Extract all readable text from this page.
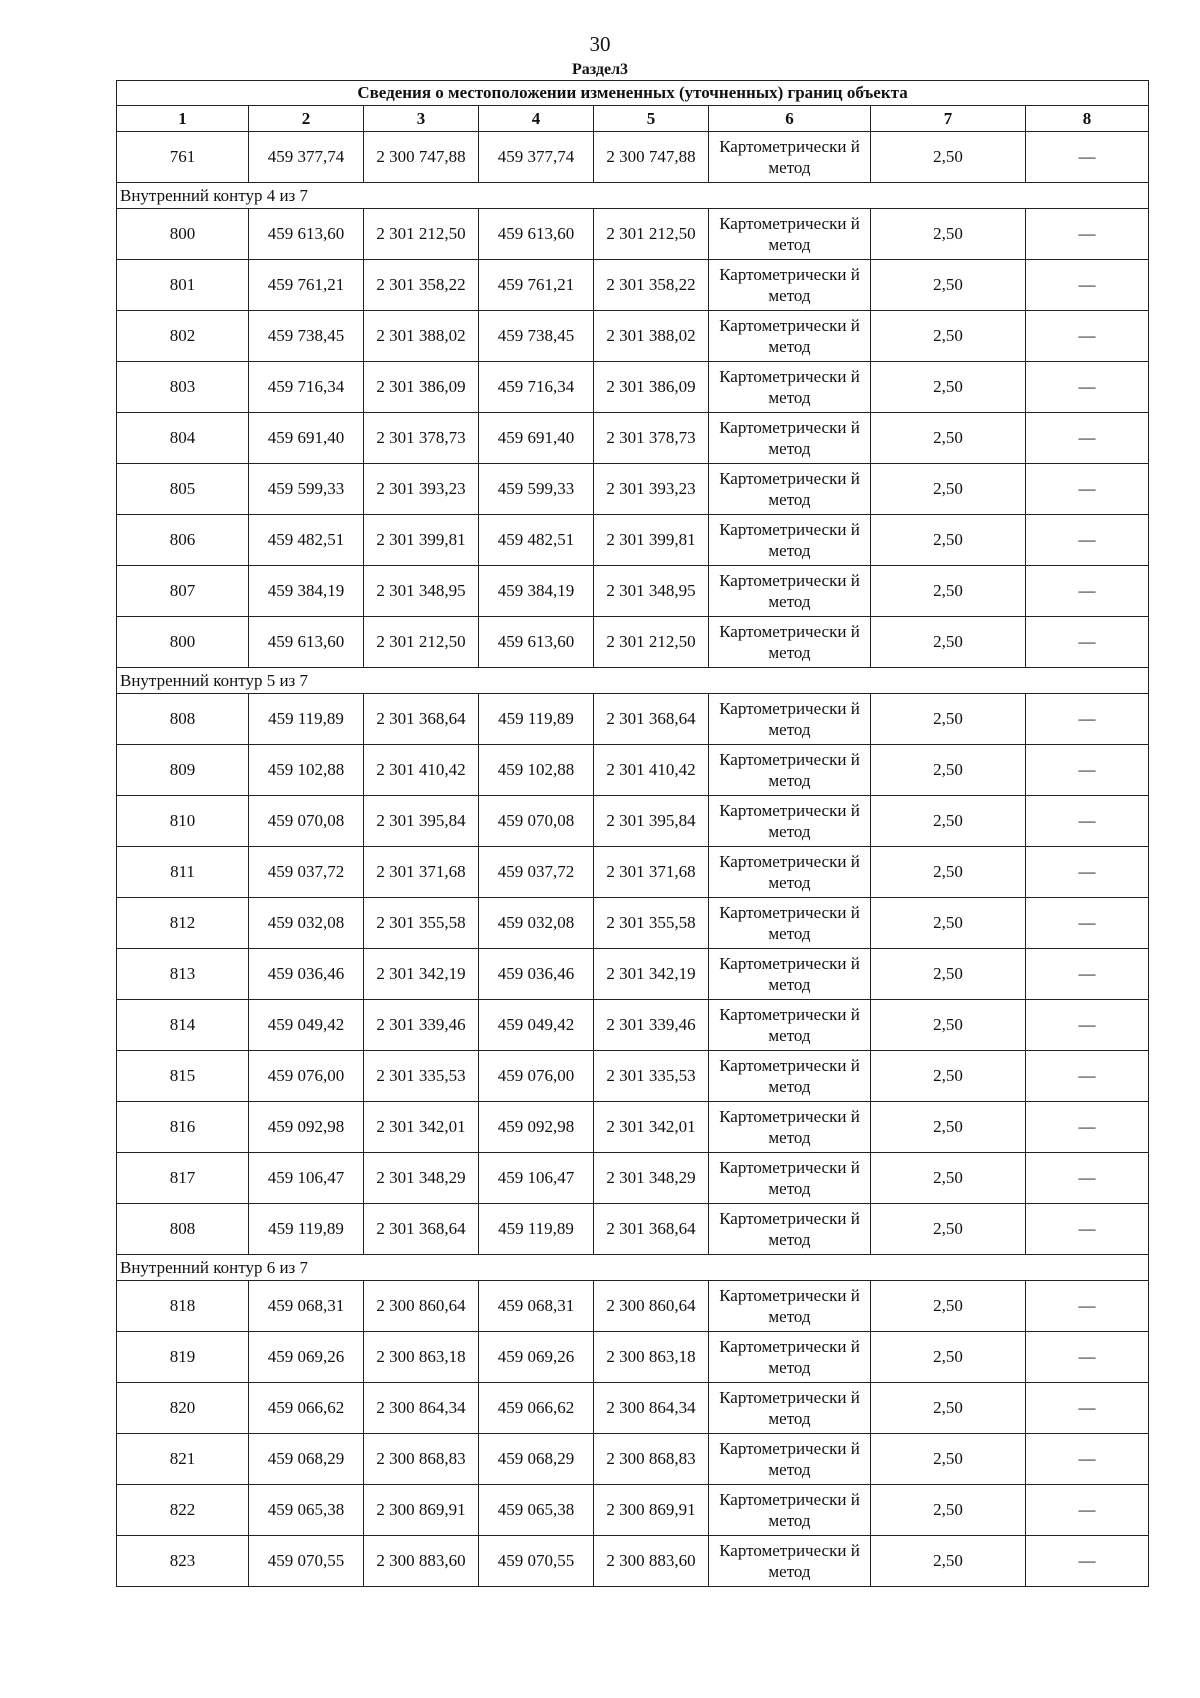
30
Раздел3
Сведения о местоположении измененных (уточненных) границ объекта							
1	2	3	4	5	6	7	8
761	459 377,74	2 300 747,88	459 377,74	2 300 747,88	Картометрически й метод	2,50	—
Внутренний контур 4 из 7							
800	459 613,60	2 301 212,50	459 613,60	2 301 212,50	Картометрически й метод	2,50	—
801	459 761,21	2 301 358,22	459 761,21	2 301 358,22	Картометрически й метод	2,50	—
802	459 738,45	2 301 388,02	459 738,45	2 301 388,02	Картометрически й метод	2,50	—
803	459 716,34	2 301 386,09	459 716,34	2 301 386,09	Картометрически й метод	2,50	—
804	459 691,40	2 301 378,73	459 691,40	2 301 378,73	Картометрически й метод	2,50	—
805	459 599,33	2 301 393,23	459 599,33	2 301 393,23	Картометрически й метод	2,50	—
806	459 482,51	2 301 399,81	459 482,51	2 301 399,81	Картометрически й метод	2,50	—
807	459 384,19	2 301 348,95	459 384,19	2 301 348,95	Картометрически й метод	2,50	—
800	459 613,60	2 301 212,50	459 613,60	2 301 212,50	Картометрически й метод	2,50	—
Внутренний контур 5 из 7							
808	459 119,89	2 301 368,64	459 119,89	2 301 368,64	Картометрически й метод	2,50	—
809	459 102,88	2 301 410,42	459 102,88	2 301 410,42	Картометрически й метод	2,50	—
810	459 070,08	2 301 395,84	459 070,08	2 301 395,84	Картометрически й метод	2,50	—
811	459 037,72	2 301 371,68	459 037,72	2 301 371,68	Картометрически й метод	2,50	—
812	459 032,08	2 301 355,58	459 032,08	2 301 355,58	Картометрически й метод	2,50	—
813	459 036,46	2 301 342,19	459 036,46	2 301 342,19	Картометрически й метод	2,50	—
814	459 049,42	2 301 339,46	459 049,42	2 301 339,46	Картометрически й метод	2,50	—
815	459 076,00	2 301 335,53	459 076,00	2 301 335,53	Картометрически й метод	2,50	—
816	459 092,98	2 301 342,01	459 092,98	2 301 342,01	Картометрически й метод	2,50	—
817	459 106,47	2 301 348,29	459 106,47	2 301 348,29	Картометрически й метод	2,50	—
808	459 119,89	2 301 368,64	459 119,89	2 301 368,64	Картометрически й метод	2,50	—
Внутренний контур 6 из 7							
818	459 068,31	2 300 860,64	459 068,31	2 300 860,64	Картометрически й метод	2,50	—
819	459 069,26	2 300 863,18	459 069,26	2 300 863,18	Картометрически й метод	2,50	—
820	459 066,62	2 300 864,34	459 066,62	2 300 864,34	Картометрически й метод	2,50	—
821	459 068,29	2 300 868,83	459 068,29	2 300 868,83	Картометрически й метод	2,50	—
822	459 065,38	2 300 869,91	459 065,38	2 300 869,91	Картометрически й метод	2,50	—
823	459 070,55	2 300 883,60	459 070,55	2 300 883,60	Картометрически й метод	2,50	—
